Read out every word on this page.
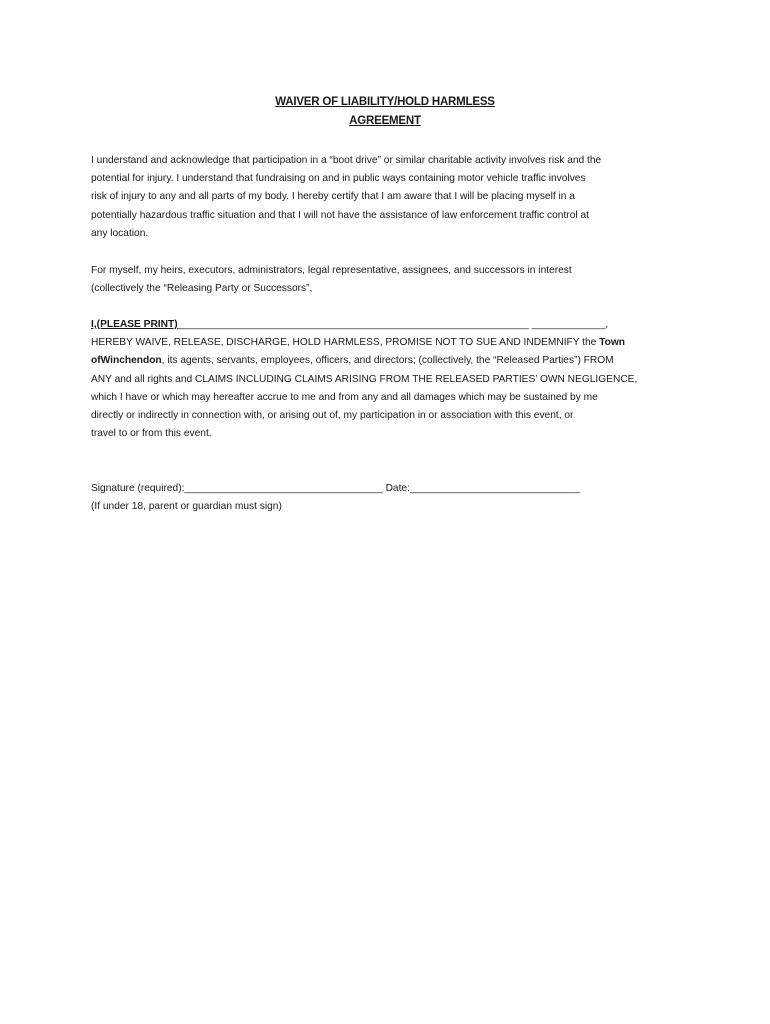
WAIVER OF LIABILITY/HOLD HARMLESS
AGREEMENT
I understand and acknowledge that participation in a “boot drive” or similar charitable activity involves risk and the
potential for injury. I understand that fundraising on and in public ways containing motor vehicle traffic involves
risk of injury to any and all parts of my body. I hereby certify that I am aware that I will be placing myself in a
potentially hazardous traffic situation and that I will not have the assistance of law enforcement traffic control at
any location.
For myself, my heirs, executors, administrators, legal representative, assignees, and successors in interest
(collectively the “Releasing Party or Successors”,
I,(PLEASE PRINT)______________________________________________________________ _____________,
HEREBY WAIVE, RELEASE, DISCHARGE, HOLD HARMLESS, PROMISE NOT TO SUE AND INDEMNIFY the Town
ofWinchendon, its agents, servants, employees, officers, and directors; (collectively, the “Released Parties”) FROM
ANY and all rights and CLAIMS INCLUDING CLAIMS ARISING FROM THE RELEASED PARTIES’ OWN NEGLIGENCE,
which I have or which may hereafter accrue to me and from any and all damages which may be sustained by me
directly or indirectly in connection with, or arising out of, my participation in or association with this event, or
travel to or from this event.
Signature (required):___________________________________ Date:______________________________
(If under 18, parent or guardian must sign)
